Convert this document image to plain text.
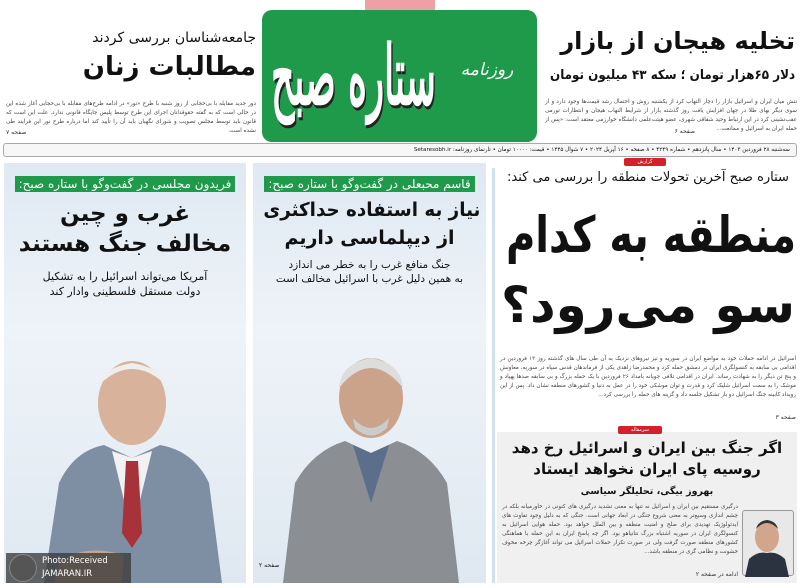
جامعه‌شناسان بررسی کردند
مطالبات زنان
دور جدید مقابله با بی‌حجابی از روز شنبه با طرح «نور» در ادامه طرح‌های مقابله با بی‌حجابی آغاز شده این در حالی است که به گفته حقوقدانان اجرای این طرح توسط پلیس جایگاه قانونی ندارد. علت این است که قانون باید توسط مجلس تصویب و شورای نگهبان باید آن را تأیید کند اما درباره طرح نور این فرایند طی نشده است.
صفحه ۷
ستاره صبح	روزنامه
تخلیه هیجان از بازار
دلار ۶۵هزار تومان ؛ سکه ۴۳ میلیون تومان
تنش میان ایران و اسرائیل بازار را دچار التهاب کرد از یکشنبه روش و احتمال رشد قیمت‌ها وجود دارد و از سوی دیگر بهای طلا در جهان افزایش یافت روز گذشته بازار از شرایط التهاب هیجان و انتظارات تورمی عقب‌نشینی کرد در این ارتباط وحید شقاقی شهری، عضو هیئت‌علمی دانشگاه خوارزمی معتقد است: «پس از حمله ایران به اسرائیل و ممانعت...
صفحه ۶
سه‌شنبه ۲۸ فروردین ۱۴۰۳ • سال پانزدهم • شماره ۴۲۴۹ • ۸ صفحه • ۱۶ آپریل ۲۰۲۴ • ۷ شوال ۱۴۴۵ • قیمت: ۱۰۰۰۰ تومان • تارنمای روزنامه: Setaresobh.ir
فریدون مجلسی در گفت‌وگو با ستاره صبح:
غرب و چین
مخالف جنگ هستند
آمریکا می‌تواند اسرائیل را به تشکیل
دولت مستقل فلسطینی وادار کند
قاسم محبعلی در گفت‌وگو با ستاره صبح:
نیاز به استفاده حداکثری
از دیپلماسی داریم
جنگ منافع غرب را به خطر می اندازد
به همین دلیل غرب با اسرائیل مخالف است
صفحه ۲
Photo:Received
JAMARAN.IR
گزارش
ستاره صبح آخرین تحولات منطقه را بررسی می کند:
منطقه به کدام
سو می‌رود؟
اسرائیل در ادامه حملات خود به مواضع ایران در سوریه و نیز نیروهای نزدیک به آن طی سال های گذشته روز ۱۳ فروردین در اقدامی بی سابقه به کنسولگری ایران در دمشق حمله کرد و محمدرضا زاهدی یکی از فرماندهان قدس سپاه در سوریه، معاونش و پنج تن دیگر را به شهادت رساند. ایران در اقدامی تلافی جویانه بامداد ۲۶ فروردین با یک حمله بزرگ و بی سابقه صدها پهپاد و موشک را به سمت اسرائیل شلیک کرد و قدرت و توان موشکی خود را در عمل به دنیا و کشورهای منطقه نشان داد. پس از این رویداد کابینه جنگ اسرائیل دو بار تشکیل جلسه داد و گزینه های حمله را بررسی کرد...
صفحه ۳
سرمقاله
اگر جنگ بین ایران و اسرائیل رخ دهد
روسیه پای ایران نخواهد ایستاد
بهروز بیگی، تحلیلگر سیاسی
درگیری مستقیم بین ایران و اسرائیل نه تنها به معنی تشدید درگیری های کنونی در خاورمیانه بلکه در چشم اندازی وسیع‌تر به معنی شروع جنگی در ابعاد جهانی است. جنگی که به دلیل وجود تفاوت های ایدئولوژیک تهدیدی برای صلح و امنیت منطقه و بین الملل خواهد بود. حمله هوایی اسرائیل به کنسولگری ایران در سوریه اشتباه بزرگ نتانیاهو بود. اگر چه پاسخ ایران به این حمله با هماهنگی کشورهای منطقه صورت گرفت ولی در صورت تکرار حملات اسرائیل می تواند آغازگر چرخه مخوف خشونت و نظامی گری در منطقه باشد...
ادامه در صفحه ۲
